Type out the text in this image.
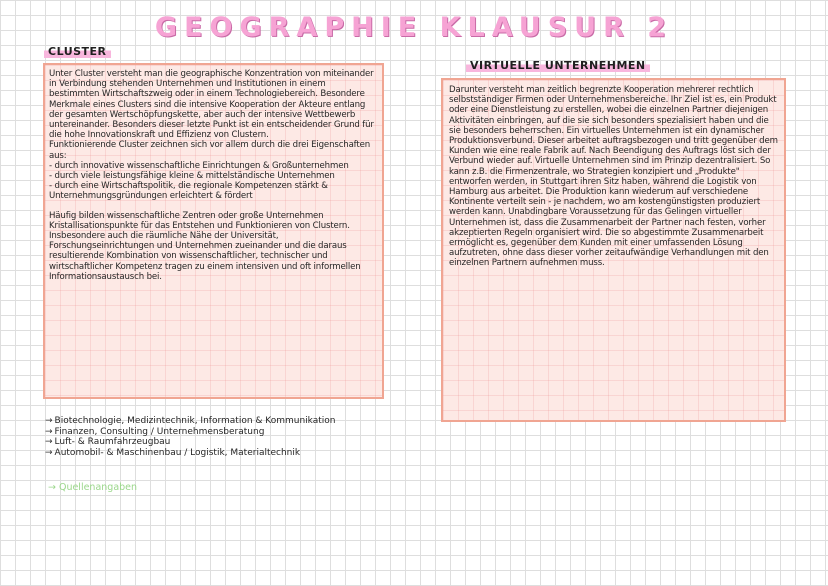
GEOGRAPHIE KLAUSUR 2
CLUSTER

Unter Cluster versteht man die geographische Konzentration von miteinander in Verbindung stehenden Unternehmen und Institutionen in einem bestimmten Wirtschaftszweig oder in einem Technologiebereich. Besondere Merkmale eines Clusters sind die intensive Kooperation der Akteure entlang der gesamten Wertschöpfungskette, aber auch der intensive Wettbewerb untereinander. Besonders dieser letzte Punkt ist ein entscheidender Grund für die hohe Innovationskraft und Effizienz von Clustern.

Funktionierende Cluster zeichnen sich vor allem durch die drei Eigenschaften aus:

- durch innovative wissenschaftliche Einrichtungen & Großunternehmen
- durch viele leistungsfähige kleine & mittelständische Unternehmen
- durch eine Wirtschaftspolitik, die regionale Kompetenzen stärkt & Unternehmungsgründungen erleichtert & fördert

Häufig bilden wissenschaftliche Zentren oder große Unternehmen Kristallisationspunkte für das Entstehen und Funktionieren von Clustern. Insbesondere auch die räumliche Nähe der Universität, Forschungseinrichtungen und Unternehmen zueinander und die daraus resultierende Kombination von wissenschaftlicher, technischer und wirtschaftlicher Kompetenz tragen zu einem intensiven und oft informellen Informationsaustausch bei.

→ Biotechnologie, Medizintechnik, Information & Kommunikation
→ Finanzen, Consulting / Unternehmensberatung
→ Luft- & Raumfahrzeugbau
→ Automobil- & Maschinenbau / Logistik, Materialtechnik
→ Quellenangaben
VIRTUELLE UNTERNEHMEN

Darunter versteht man zeitlich begrenzte Kooperation mehrerer rechtlich selbstständiger Firmen oder Unternehmensbereiche. Ihr Ziel ist es, ein Produkt oder eine Dienstleistung zu erstellen, wobei die einzelnen Partner diejenigen Aktivitäten einbringen, auf die sie sich besonders spezialisiert haben und die sie besonders beherrschen. Ein virtuelles Unternehmen ist ein dynamischer Produktionsverbund. Dieser arbeitet auftragsbezogen und tritt gegenüber dem Kunden wie eine reale Fabrik auf. Nach Beendigung des Auftrags löst sich der Verbund wieder auf. Virtuelle Unternehmen sind im Prinzip dezentralisiert. So kann z.B. die Firmenzentrale, wo Strategien konzipiert und „Produkte" entworfen werden, in Stuttgart ihren Sitz haben, während die Logistik von Hamburg aus arbeitet. Die Produktion kann wiederum auf verschiedene Kontinente verteilt sein - je nachdem, wo am kostengünstigsten produziert werden kann. Unabdingbare Voraussetzung für das Gelingen virtueller Unternehmen ist, dass die Zusammenarbeit der Partner nach festen, vorher akzeptierten Regeln organisiert wird. Die so abgestimmte Zusammenarbeit ermöglicht es, gegenüber dem Kunden mit einer umfassenden Lösung aufzutreten, ohne dass dieser vorher zeitaufwändige Verhandlungen mit den einzelnen Partnern aufnehmen muss.
